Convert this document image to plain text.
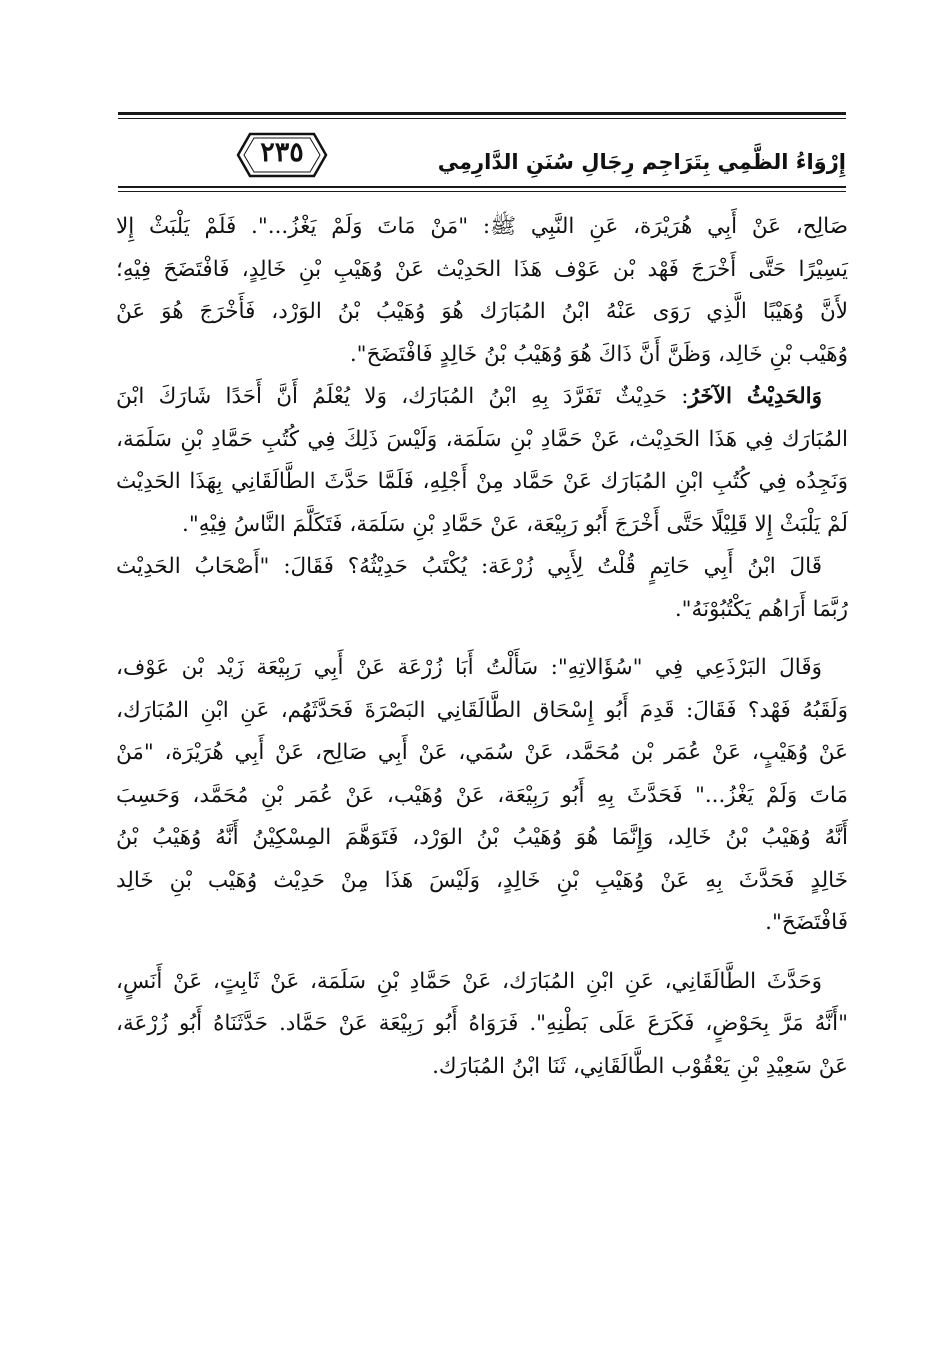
٢٣٥	إِرْوَاءُ الظَّمِي بِتَرَاجِم رِجَالِ سُنَنِ الدَّارِمِي

صَالِح، عَنْ أَبِي هُرَيْرَة، عَنِ النَّبِي ﷺ: "مَنْ مَاتَ وَلَمْ يَغْزُ...". فَلَمْ يَلْبَثْ إِلا
يَسِيْرًا حَتَّى أَخْرَجَ فَهْد بْن عَوْف هَذَا الحَدِيْث عَنْ وُهَيْبِ بْنِ خَالِدٍ، فَافْتَضَحَ فِيْهِ؛
لأَنَّ وُهَيْبًا الَّذِي رَوَى عَنْهُ ابْنُ المُبَارَك هُوَ وُهَيْبُ بْنُ الوَرْد، فَأَخْرَجَ هُوَ عَنْ
وُهَيْب بْنِ خَالِد، وَظَنَّ أَنَّ ذَاكَ هُوَ وُهَيْبُ بْنُ خَالِدٍ فَافْتَضَحَ".

وَالحَدِيْثُ الآخَرُ: حَدِيْثٌ تَفَرَّدَ بِهِ ابْنُ المُبَارَك، وَلا يُعْلَمُ أَنَّ أَحَدًا شَارَكَ ابْنَ
المُبَارَك فِي هَذَا الحَدِيْث، عَنْ حَمَّادِ بْنِ سَلَمَة، وَلَيْسَ ذَلِكَ فِي كُتُبِ حَمَّادِ بْنِ سَلَمَة،
وَنَجِدُه فِي كُتُبِ ابْنِ المُبَارَك عَنْ حَمَّاد مِنْ أَجْلِهِ، فَلَمَّا حَدَّثَ الطَّالَقَانِي بِهَذَا الحَدِيْث
لَمْ يَلْبَثْ إِلا قَلِيْلًا حَتَّى أَخْرَجَ أَبُو رَبِيْعَة، عَنْ حَمَّادِ بْنِ سَلَمَة، فَتَكَلَّمَ النَّاسُ فِيْهِ".

قَالَ ابْنُ أَبِي حَاتِمٍ قُلْتُ لِأَبِي زُرْعَة: يُكْتَبُ حَدِيْثُهُ؟ فَقَالَ: "أَصْحَابُ الحَدِيْث
رُبَّمَا أَرَاهُم يَكْتُبُوْنَهُ".

وَقَالَ البَرْذَعِي فِي "سُؤَالاتِهِ": سَأَلْتُ أَبَا زُرْعَة عَنْ أَبِي رَبِيْعَة زَيْد بْن عَوْف،
وَلَقَبُهُ فَهْد؟ فَقَالَ: قَدِمَ أَبُو إِسْحَاق الطَّالَقَانِي البَصْرَةَ فَحَدَّثَهُم، عَنِ ابْنِ المُبَارَك،
عَنْ وُهَيْبٍ، عَنْ عُمَر بْن مُحَمَّد، عَنْ سُمَي، عَنْ أَبِي صَالِح، عَنْ أَبِي هُرَيْرَة، "مَنْ
مَاتَ وَلَمْ يَغْزُ..." فَحَدَّثَ بِهِ أَبُو رَبِيْعَة، عَنْ وُهَيْب، عَنْ عُمَر بْنِ مُحَمَّد، وَحَسِبَ
أَنَّهُ وُهَيْبُ بْنُ خَالِد، وَإِنَّمَا هُوَ وُهَيْبُ بْنُ الوَرْد، فَتَوَهَّمَ المِسْكِيْنُ أَنَّهُ وُهَيْبُ بْنُ
خَالِدٍ فَحَدَّثَ بِهِ عَنْ وُهَيْبِ بْنِ خَالِدٍ، وَلَيْسَ هَذَا مِنْ حَدِيْث وُهَيْب بْنِ خَالِد
فَافْتَضَحَ".

وَحَدَّثَ الطَّالَقَانِي، عَنِ ابْنِ المُبَارَك، عَنْ حَمَّادِ بْنِ سَلَمَة، عَنْ ثَابِتٍ، عَنْ أَنَسٍ،
"أَنَّهُ مَرَّ بِحَوْضٍ، فَكَرَعَ عَلَى بَطْنِهِ". فَرَوَاهُ أَبُو رَبِيْعَة عَنْ حَمَّاد. حَدَّثَنَاهُ أَبُو زُرْعَة،
عَنْ سَعِيْدِ بْنِ يَعْقُوْب الطَّالَقَانِي، ثَنَا ابْنُ المُبَارَك.
